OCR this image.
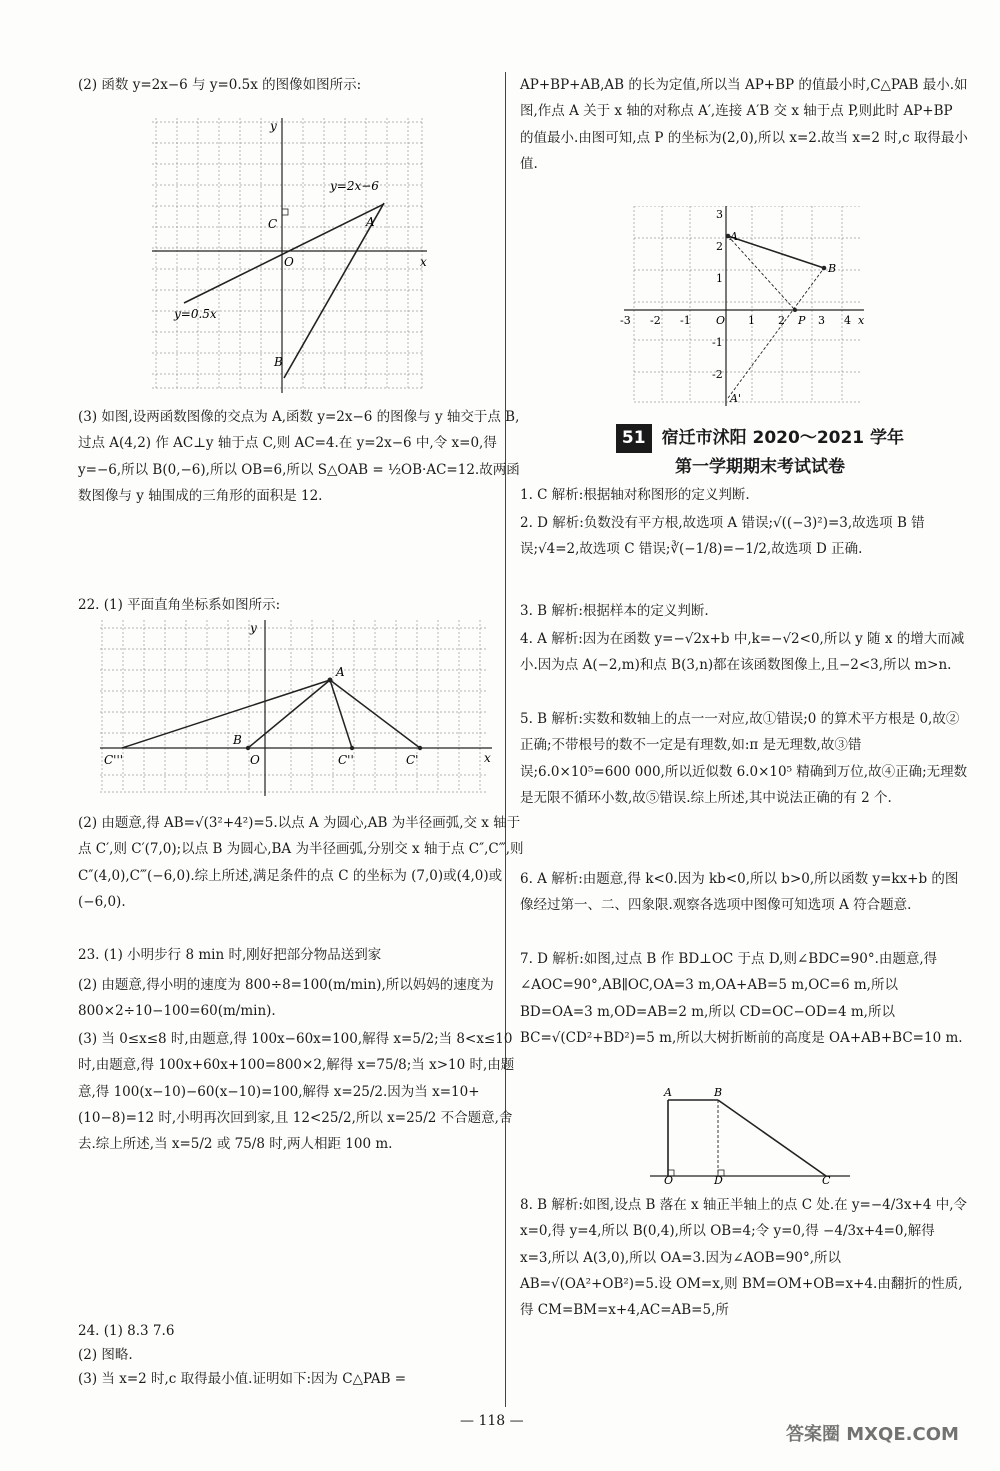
(2) 函数 y=2x−6 与 y=0.5x 的图像如图所示:

y
x
O
C	A
B
y=2x−6
y=0.5x

(3) 如图,设两函数图像的交点为 A,函数 y=2x−6 的图像与 y 轴交于点 B,过点 A(4,2) 作 AC⊥y 轴于点 C,则 AC=4.在 y=2x−6 中,令 x=0,得 y=−6,所以 B(0,−6),所以 OB=6,所以 S△OAB = ½OB·AC=12.故两函数图像与 y 轴围成的三角形的面积是 12.

22. (1) 平面直角坐标系如图所示:

y
x
A
B
O
C'''	C''	C'

(2) 由题意,得 AB=√(3²+4²)=5.以点 A 为圆心,AB 为半径画弧,交 x 轴于点 C′,则 C′(7,0);以点 B 为圆心,BA 为半径画弧,分别交 x 轴于点 C″,C‴,则 C″(4,0),C‴(−6,0).综上所述,满足条件的点 C 的坐标为 (7,0)或(4,0)或(−6,0).

23. (1) 小明步行 8 min 时,刚好把部分物品送到家

(2) 由题意,得小明的速度为 800÷8=100(m/min),所以妈妈的速度为 800×2÷10−100=60(m/min).

(3) 当 0≤x≤8 时,由题意,得 100x−60x=100,解得 x=5/2;当 8<x≤10 时,由题意,得 100x+60x+100=800×2,解得 x=75/8;当 x>10 时,由题意,得 100(x−10)−60(x−10)=100,解得 x=25/2.因为当 x=10+(10−8)=12 时,小明再次回到家,且 12<25/2,所以 x=25/2 不合题意,舍去.综上所述,当 x=5/2 或 75/8 时,两人相距 100 m.

24. (1) 8.3 7.6

(2) 图略.

(3) 当 x=2 时,c 取得最小值.证明如下:因为 C△PAB =

AP+BP+AB,AB 的长为定值,所以当 AP+BP 的值最小时,C△PAB 最小.如图,作点 A 关于 x 轴的对称点 A′,连接 A′B 交 x 轴于点 P,则此时 AP+BP 的值最小.由图可知,点 P 的坐标为(2,0),所以 x=2.故当 x=2 时,c 取得最小值.

A
B
P
A'
O	x
-3 -2 -1	1 2	3 4
3
2
1
-1
-2
51 宿迁市沭阳 2020～2021 学年
第一学期期末考试试卷

1. C 解析:根据轴对称图形的定义判断.

2. D 解析:负数没有平方根,故选项 A 错误;√((−3)²)=3,故选项 B 错误;√4=2,故选项 C 错误;∛(−1/8)=−1/2,故选项 D 正确.

3. B 解析:根据样本的定义判断.

4. A 解析:因为在函数 y=−√2x+b 中,k=−√2<0,所以 y 随 x 的增大而减小.因为点 A(−2,m)和点 B(3,n)都在该函数图像上,且−2<3,所以 m>n.

5. B 解析:实数和数轴上的点一一对应,故①错误;0 的算术平方根是 0,故②正确;不带根号的数不一定是有理数,如:π 是无理数,故③错误;6.0×10⁵=600 000,所以近似数 6.0×10⁵ 精确到万位,故④正确;无理数是无限不循环小数,故⑤错误.综上所述,其中说法正确的有 2 个.

6. A 解析:由题意,得 k<0.因为 kb<0,所以 b>0,所以函数 y=kx+b 的图像经过第一、二、四象限.观察各选项中图像可知选项 A 符合题意.

7. D 解析:如图,过点 B 作 BD⊥OC 于点 D,则∠BDC=90°.由题意,得∠AOC=90°,AB∥OC,OA=3 m,OA+AB=5 m,OC=6 m,所以 BD=OA=3 m,OD=AB=2 m,所以 CD=OC−OD=4 m,所以 BC=√(CD²+BD²)=5 m,所以大树折断前的高度是 OA+AB+BC=10 m.

A	B
O	D	C

8. B 解析:如图,设点 B 落在 x 轴正半轴上的点 C 处.在 y=−4/3x+4 中,令 x=0,得 y=4,所以 B(0,4),所以 OB=4;令 y=0,得 −4/3x+4=0,解得 x=3,所以 A(3,0),所以 OA=3.因为∠AOB=90°,所以 AB=√(OA²+OB²)=5.设 OM=x,则 BM=OM+OB=x+4.由翻折的性质,得 CM=BM=x+4,AC=AB=5,所

— 118 —
答案圈 MXQE.COM
